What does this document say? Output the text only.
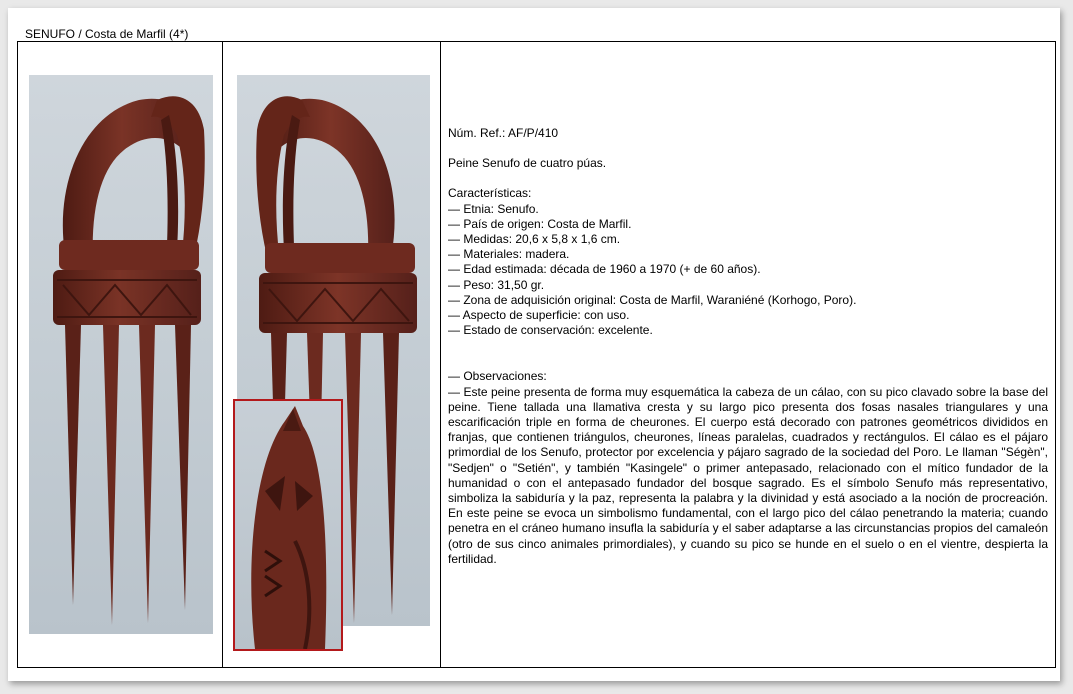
SENUFO / Costa de Marfil (4*)

Núm. Ref.: AF/P/410

Peine Senufo de cuatro púas.

Características:

— Etnia: Senufo.

— País de origen: Costa de Marfil.

— Medidas: 20,6 x 5,8 x 1,6 cm.

— Materiales: madera.

— Edad estimada: década de 1960 a 1970 (+ de 60 años).

— Peso: 31,50 gr.

— Zona de adquisición original: Costa de Marfil, Waraniéné (Korhogo, Poro).

— Aspecto de superficie: con uso.

— Estado de conservación: excelente.

— Observaciones:

— Este peine presenta de forma muy esquemática la cabeza de un cálao, con su pico clavado sobre la base del peine. Tiene tallada una llamativa cresta y su largo pico presenta dos fosas nasales triangulares y una escarificación triple en forma de cheurones. El cuerpo está decorado con patrones geométricos divididos en franjas, que contienen triángulos, cheurones, líneas paralelas, cuadrados y rectángulos. El cálao es el pájaro primordial de los Senufo, protector por excelencia y pájaro sagrado de la sociedad del Poro. Le llaman "Ségèn", "Sedjen" o "Setién", y también "Kasingele" o primer antepasado, relacionado con el mítico fundador de la humanidad o con el antepasado fundador del bosque sagrado. Es el símbolo Senufo más representativo, simboliza la sabiduría y la paz, representa la palabra y la divinidad y está asociado a la noción de procreación. En este peine se evoca un simbolismo fundamental, con el largo pico del cálao penetrando la materia; cuando penetra en el cráneo humano insufla la sabiduría y el saber adaptarse a las circunstancias propios del camaleón (otro de sus cinco animales primordiales), y cuando su pico se hunde en el suelo o en el vientre, despierta la fertilidad.
